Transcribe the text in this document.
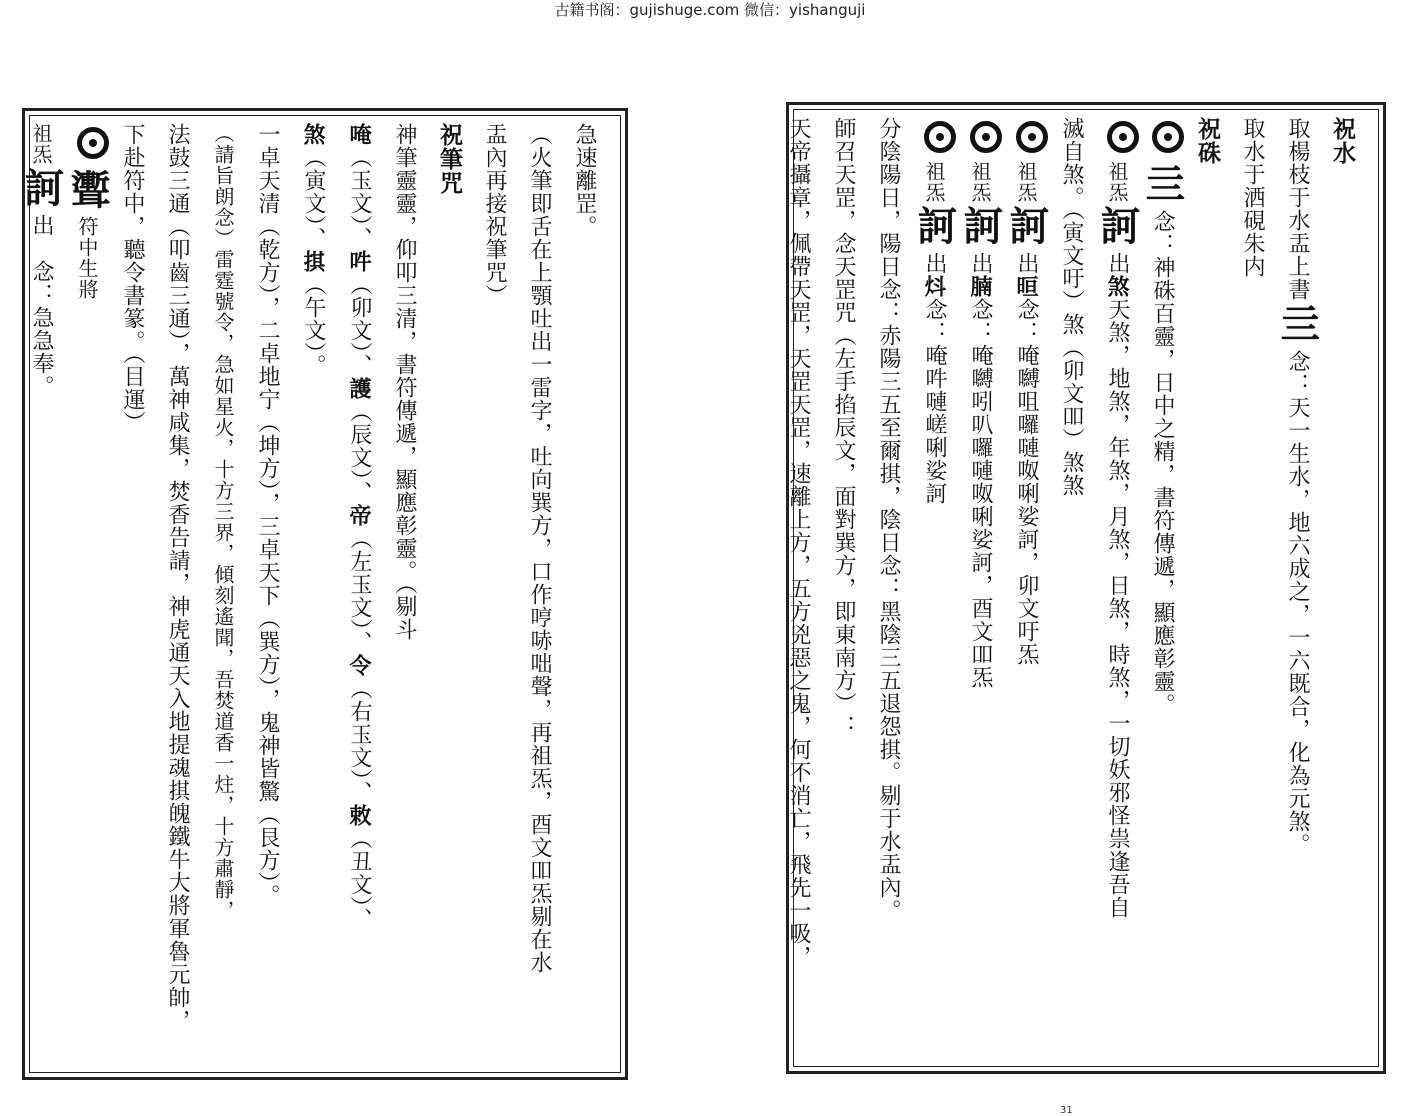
古籍书阁：gujishuge.com 微信：yishanguji
祝水
取楊枝于水盂上書亖念：天一生水，地六成之，一六既合，化為元煞。
取水于洒硯朱内
祝硃
亖念：神硃百靈，日中之精，書符傳遞，顯應彰靈。
祖炁訶出煞天煞，地煞，年煞，月煞，日煞，時煞，一切妖邪怪祟逢吾自
滅自煞。（寅文吁）煞（卯文吅）煞煞
祖炁訶出晅念：唵嚩咀囉嗹呶唎娑訶，卯文吁炁
祖炁訶出腩念：唵嚩吲叭囉嗹呶唎娑訶，酉文吅炁
祖炁訶出炓念：唵吽嗹嵯唎娑訶
分陰陽日，陽日念：赤陽三五至爾掑，陰日念：黑陰三五退怨掑。剔于水盂內。
師召天罡，念天罡咒（左手掐辰文，面對巽方，即東南方）：
天帝攝章，佩帶天罡，天罡天罡，速離上方，五方兇惡之鬼，何不消亡，飛先一吸，
急速離罡。
（火筆即舌在上顎吐出一雷字，吐向巽方，口作哼哧咄聲，再祖炁，酉文吅炁剔在水
盂內再接祝筆咒）
祝筆咒
神筆靈靈，仰叩三清，書符傳遞，顯應彰靈。（剔斗
唵（玉文）、吽（卯文）、護（辰文）、帝（左玉文）、令（右玉文）、敕（丑文）、
煞（寅文）、掑（午文）。
一卓天清（乾方），二卓地宁（坤方），三卓天下（巽方），鬼神皆驚（艮方）。
（請旨朗念）雷霆號令，急如星火，十方三界，傾刻遙聞，吾焚道香一炷，十方肅靜，
法鼓三通（叩齒三通），萬神咸集，焚香告請，神虎通天入地提魂掑魄鐵牛大將軍魯元帥，
下赴符中，聽令書篆。（目運）
聻符中生將
祖炁訶出　念：急急奉。
31
